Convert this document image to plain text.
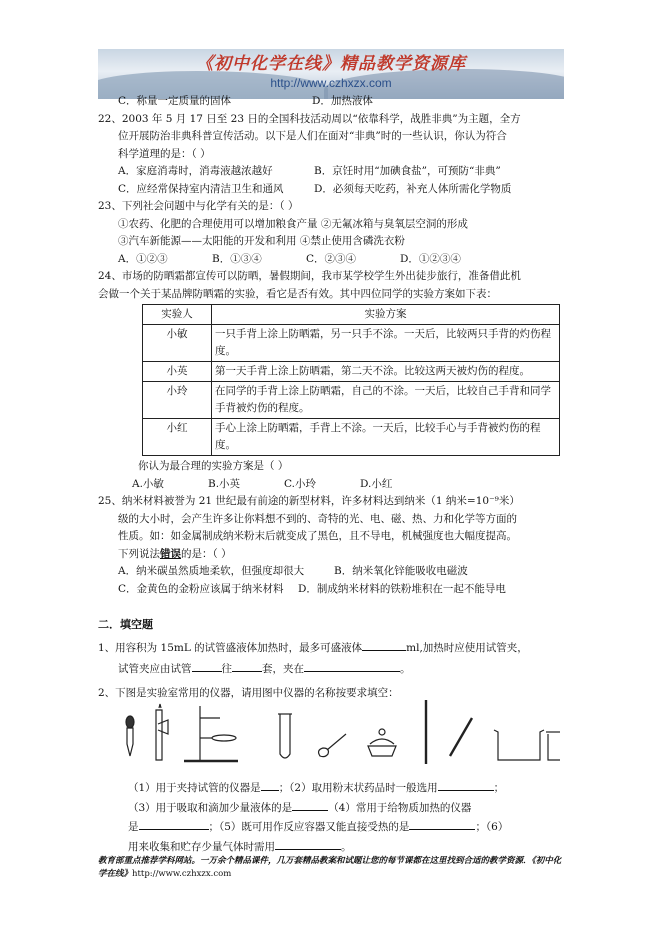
《初中化学在线》精品教学资源库
http://www.czhxzx.com
C．称量一定质量的固体	D．加热液体
22、2003 年 5 月 17 日至 23 日的全国科技活动周以“依靠科学，战胜非典”为主题，全方
位开展防治非典科普宣传活动。以下是人们在面对“非典”时的一些认识，你认为符合
科学道理的是：（ ）
A．家庭消毒时，消毒液越浓越好	B．京饪时用“加碘食盐”，可预防“非典”
C．应经常保持室内清洁卫生和通风	D．必须每天吃药，补充人体所需化学物质
23、下列社会问题中与化学有关的是：（ ）
①农药、化肥的合理使用可以增加粮食产量 ②无氟冰箱与臭氧层空洞的形成
③汽车新能源——太阳能的开发和利用 ④禁止使用含磷洗衣粉
A．①②③	B．①③④	C．②③④	D．①②③④
24、市场的防晒霜都宣传可以防晒，暑假期间，我市某学校学生外出徒步旅行，准备借此机
会做一个关于某品牌防晒霜的实验，看它是否有效。其中四位同学的实验方案如下表：
实验人	实验方案
小敏	一只手背上涂上防晒霜，另一只手不涂。一天后，比较两只手背的灼伤程度。
小英	第一天手背上涂上防晒霜，第二天不涂。比较这两天被灼伤的程度。
小玲	在同学的手背上涂上防晒霜，自己的不涂。一天后，比较自己手背和同学手背被灼伤的程度。
小红	手心上涂上防晒霜，手背上不涂。一天后，比较手心与手背被灼伤的程度。
你认为最合理的实验方案是（ ）
A.小敏	B.小英	C.小玲	D.小红
25、纳米材料被誉为 21 世纪最有前途的新型材料，许多材料达到纳米（1 纳米=10⁻⁹米）
级的大小时，会产生许多让你料想不到的、奇特的光、电、磁、热、力和化学等方面的
性质。如：如金属制成纳米粉末后就变成了黑色，且不导电，机械强度也大幅度提高。
下列说法错误的是：（ ）
A．纳米碳虽然质地柔软，但强度却很大	B．纳米氧化锌能吸收电磁波
C．金黄色的金粉应该属于纳米材料 D．制成纳米材料的铁粉堆积在一起不能导电
二．填空题
1、用容积为 15mL 的试管盛液体加热时，最多可盛液体	ml,加热时应使用试管夹，
试管夹应由试管	往	套，夹在	。
2、下图是实验室常用的仪器，请用图中仪器的名称按要求填空：
（1）用于夹持试管的仪器是 ；（2）取用粉末状药品时一般选用	；
（3）用于吸取和滴加少量液体的是	（4）常用于给物质加热的仪器
是	；（5）既可用作反应容器又能直接受热的是	；（6）
用来收集和贮存少量气体时需用	。
教育部重点推荐学科网站。一万余个精品课件，几万套精品教案和试题让您的每节课都在这里找到合适的教学资源．《初中化学在线》http://www.czhxzx.com
